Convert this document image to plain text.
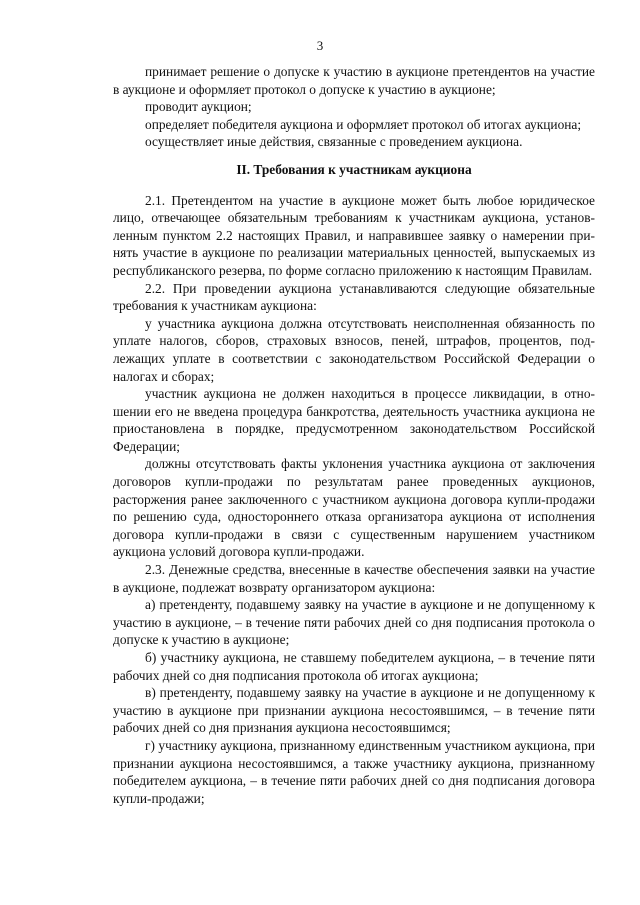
3

принимает решение о допуске к участию в аукционе претендентов на участие в аукционе и оформляет протокол о допуске к участию в аукционе;

проводит аукцион;

определяет победителя аукциона и оформляет протокол об итогах аукциона;

осуществляет иные действия, связанные с проведением аукциона.

II. Требования к участникам аукциона

2.1. Претендентом на участие в аукционе может быть любое юридическое лицо, отвечающее обязательным требованиям к участникам аукциона, установленным пунктом 2.2 настоящих Правил, и направившее заявку о намерении принять участие в аукционе по реализации материальных ценностей, выпускаемых из республиканского резерва, по форме согласно приложению к настоящим Правилам.

2.2. При проведении аукциона устанавливаются следующие обязательные требования к участникам аукциона:

у участника аукциона должна отсутствовать неисполненная обязанность по уплате налогов, сборов, страховых взносов, пеней, штрафов, процентов, подлежащих уплате в соответствии с законодательством Российской Федерации о налогах и сборах;

участник аукциона не должен находиться в процессе ликвидации, в отношении его не введена процедура банкротства, деятельность участника аукциона не приостановлена в порядке, предусмотренном законодательством Российской Федерации;

должны отсутствовать факты уклонения участника аукциона от заключения договоров купли-продажи по результатам ранее проведенных аукционов, расторжения ранее заключенного с участником аукциона договора купли-продажи по решению суда, одностороннего отказа организатора аукциона от исполнения договора купли-продажи в связи с существенным нарушением участником аукциона условий договора купли-продажи.

2.3. Денежные средства, внесенные в качестве обеспечения заявки на участие в аукционе, подлежат возврату организатором аукциона:

а) претенденту, подавшему заявку на участие в аукционе и не допущенному к участию в аукционе, – в течение пяти рабочих дней со дня подписания протокола о допуске к участию в аукционе;

б) участнику аукциона, не ставшему победителем аукциона, – в течение пяти рабочих дней со дня подписания протокола об итогах аукциона;

в) претенденту, подавшему заявку на участие в аукционе и не допущенному к участию в аукционе при признании аукциона несостоявшимся, – в течение пяти рабочих дней со дня признания аукциона несостоявшимся;

г) участнику аукциона, признанному единственным участником аукциона, при признании аукциона несостоявшимся, а также участнику аукциона, признанному победителем аукциона, – в течение пяти рабочих дней со дня подписания договора купли-продажи;
